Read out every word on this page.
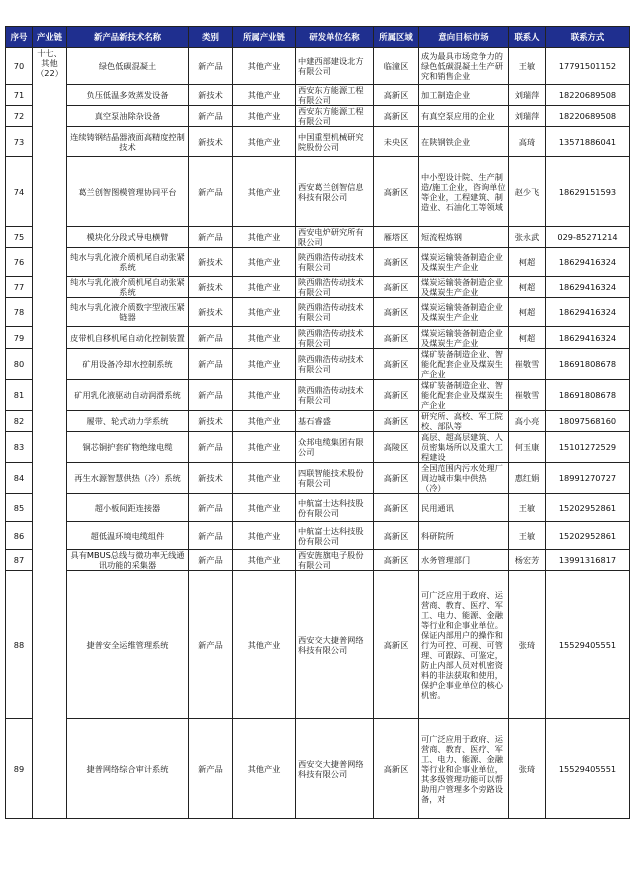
序号	产业链	新产品新技术名称	类别	所属产业链	研发单位名称	所属区域	意向目标市场	联系人	联系方式
70	十七、其他（22）	绿色低碳混凝土	新产品	其他产业	中建西部建设北方有限公司	临潼区	成为最具市场竞争力的绿色低碳混凝土生产研究和销售企业	王敏	17791501152
71		负压低温多效蒸发设备	新技术	其他产业	西安东方能源工程有限公司	高新区	加工制造企业	刘瑞萍	18220689508
72		真空泵油除杂设备	新产品	其他产业	西安东方能源工程有限公司	高新区	有真空泵应用的企业	刘瑞萍	18220689508
73		连续铸钢结晶器液面高精度控制技术	新技术	其他产业	中国重型机械研究院股份公司	未央区	在陕钢铁企业	高琦	13571886041
74		葛兰创智图模管理协同平台	新产品	其他产业	西安葛兰创智信息科技有限公司	高新区	中小型设计院、生产制造/施工企业，咨询单位等企业，工程建筑、制造业、石油化工等领域	赵少飞	18629151593
75		模块化分段式导电横臂	新产品	其他产业	西安电炉研究所有限公司	雁塔区	短流程炼钢	张永武	029-85271214
76		纯水与乳化液介质机尾自动张紧系统	新技术	其他产业	陕西鼎浩传动技术有限公司	高新区	煤炭运输装备制造企业及煤炭生产企业	柯超	18629416324
77		纯水与乳化液介质机尾自动张紧系统	新技术	其他产业	陕西鼎浩传动技术有限公司	高新区	煤炭运输装备制造企业及煤炭生产企业	柯超	18629416324
78		纯水与乳化液介质数字型液压紧链器	新技术	其他产业	陕西鼎浩传动技术有限公司	高新区	煤炭运输装备制造企业及煤炭生产企业	柯超	18629416324
79		皮带机自移机尾自动化控制装置	新产品	其他产业	陕西鼎浩传动技术有限公司	高新区	煤炭运输装备制造企业及煤炭生产企业	柯超	18629416324
80		矿用设备冷却水控制系统	新产品	其他产业	陕西鼎浩传动技术有限公司	高新区	煤矿装备制造企业、智能化配套企业及煤炭生产企业	崔敬雪	18691808678
81		矿用乳化液驱动自动润滑系统	新产品	其他产业	陕西鼎浩传动技术有限公司	高新区	煤矿装备制造企业、智能化配套企业及煤炭生产企业	崔敬雪	18691808678
82		履带、轮式动力学系统	新技术	其他产业	基石睿盛	高新区	研究所、高校、军工院校、部队等	高小亮	18097568160
83		铜芯铜护套矿物绝缘电缆	新产品	其他产业	众邦电缆集团有限公司	高陵区	高层、超高层建筑、人员密集场所以及重大工程建设	何玉康	15101272529
84		再生水源智慧供热（冷）系统	新技术	其他产业	四联智能技术股份有限公司	高新区	全国范围内污水处理厂周边城市集中供热（冷）	惠红娟	18991270727
85		超小板间距连接器	新产品	其他产业	中航富士达科技股份有限公司	高新区	民用通讯	王敏	15202952861
86		超低温环境电缆组件	新产品	其他产业	中航富士达科技股份有限公司	高新区	科研院所	王敏	15202952861
87		具有MBUS总线与微功率无线通讯功能的采集器	新产品	其他产业	西安旌旗电子股份有限公司	高新区	水务管理部门	杨宏芳	13991316817
88		捷普安全运维管理系统	新产品	其他产业	西安交大捷普网络科技有限公司	高新区	可广泛应用于政府、运营商、教育、医疗、军工、电力、能源、金融等行业和企事业单位。保证内部用户的操作和行为可控、可视、可管理、可跟踪、可鉴定，防止内部人员对机密资料的非法获取和使用，保护企事业单位的核心机密。	张琦	15529405551
89		捷普网络综合审计系统	新产品	其他产业	西安交大捷普网络科技有限公司	高新区	可广泛应用于政府、运营商、教育、医疗、军工、电力、能源、金融等行业和企事业单位，其多级管理功能可以帮助用户管理多个旁路设备，对	张琦	15529405551
